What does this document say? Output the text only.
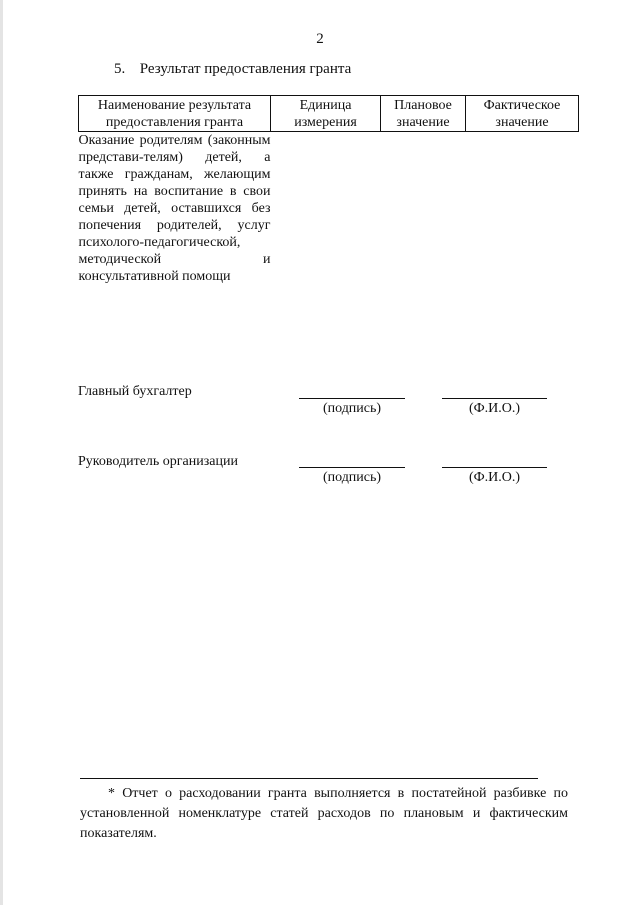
2
5. Результат предоставления гранта
Наименование результата предоставления гранта	Единица измерения	Плановое значение	Фактическое значение
Оказание родителям (законным представи-телям) детей, а также гражданам, желающим принять на воспитание в свои семьи детей, оставшихся без попечения родителей, услуг психолого-педагогической, методической и консультативной помощи			
Главный бухгалтер
(подпись)	(Ф.И.О.)
Руководитель организации
(подпись)	(Ф.И.О.)
* Отчет о расходовании гранта выполняется в постатейной разбивке по установленной номенклатуре статей расходов по плановым и фактическим показателям.
